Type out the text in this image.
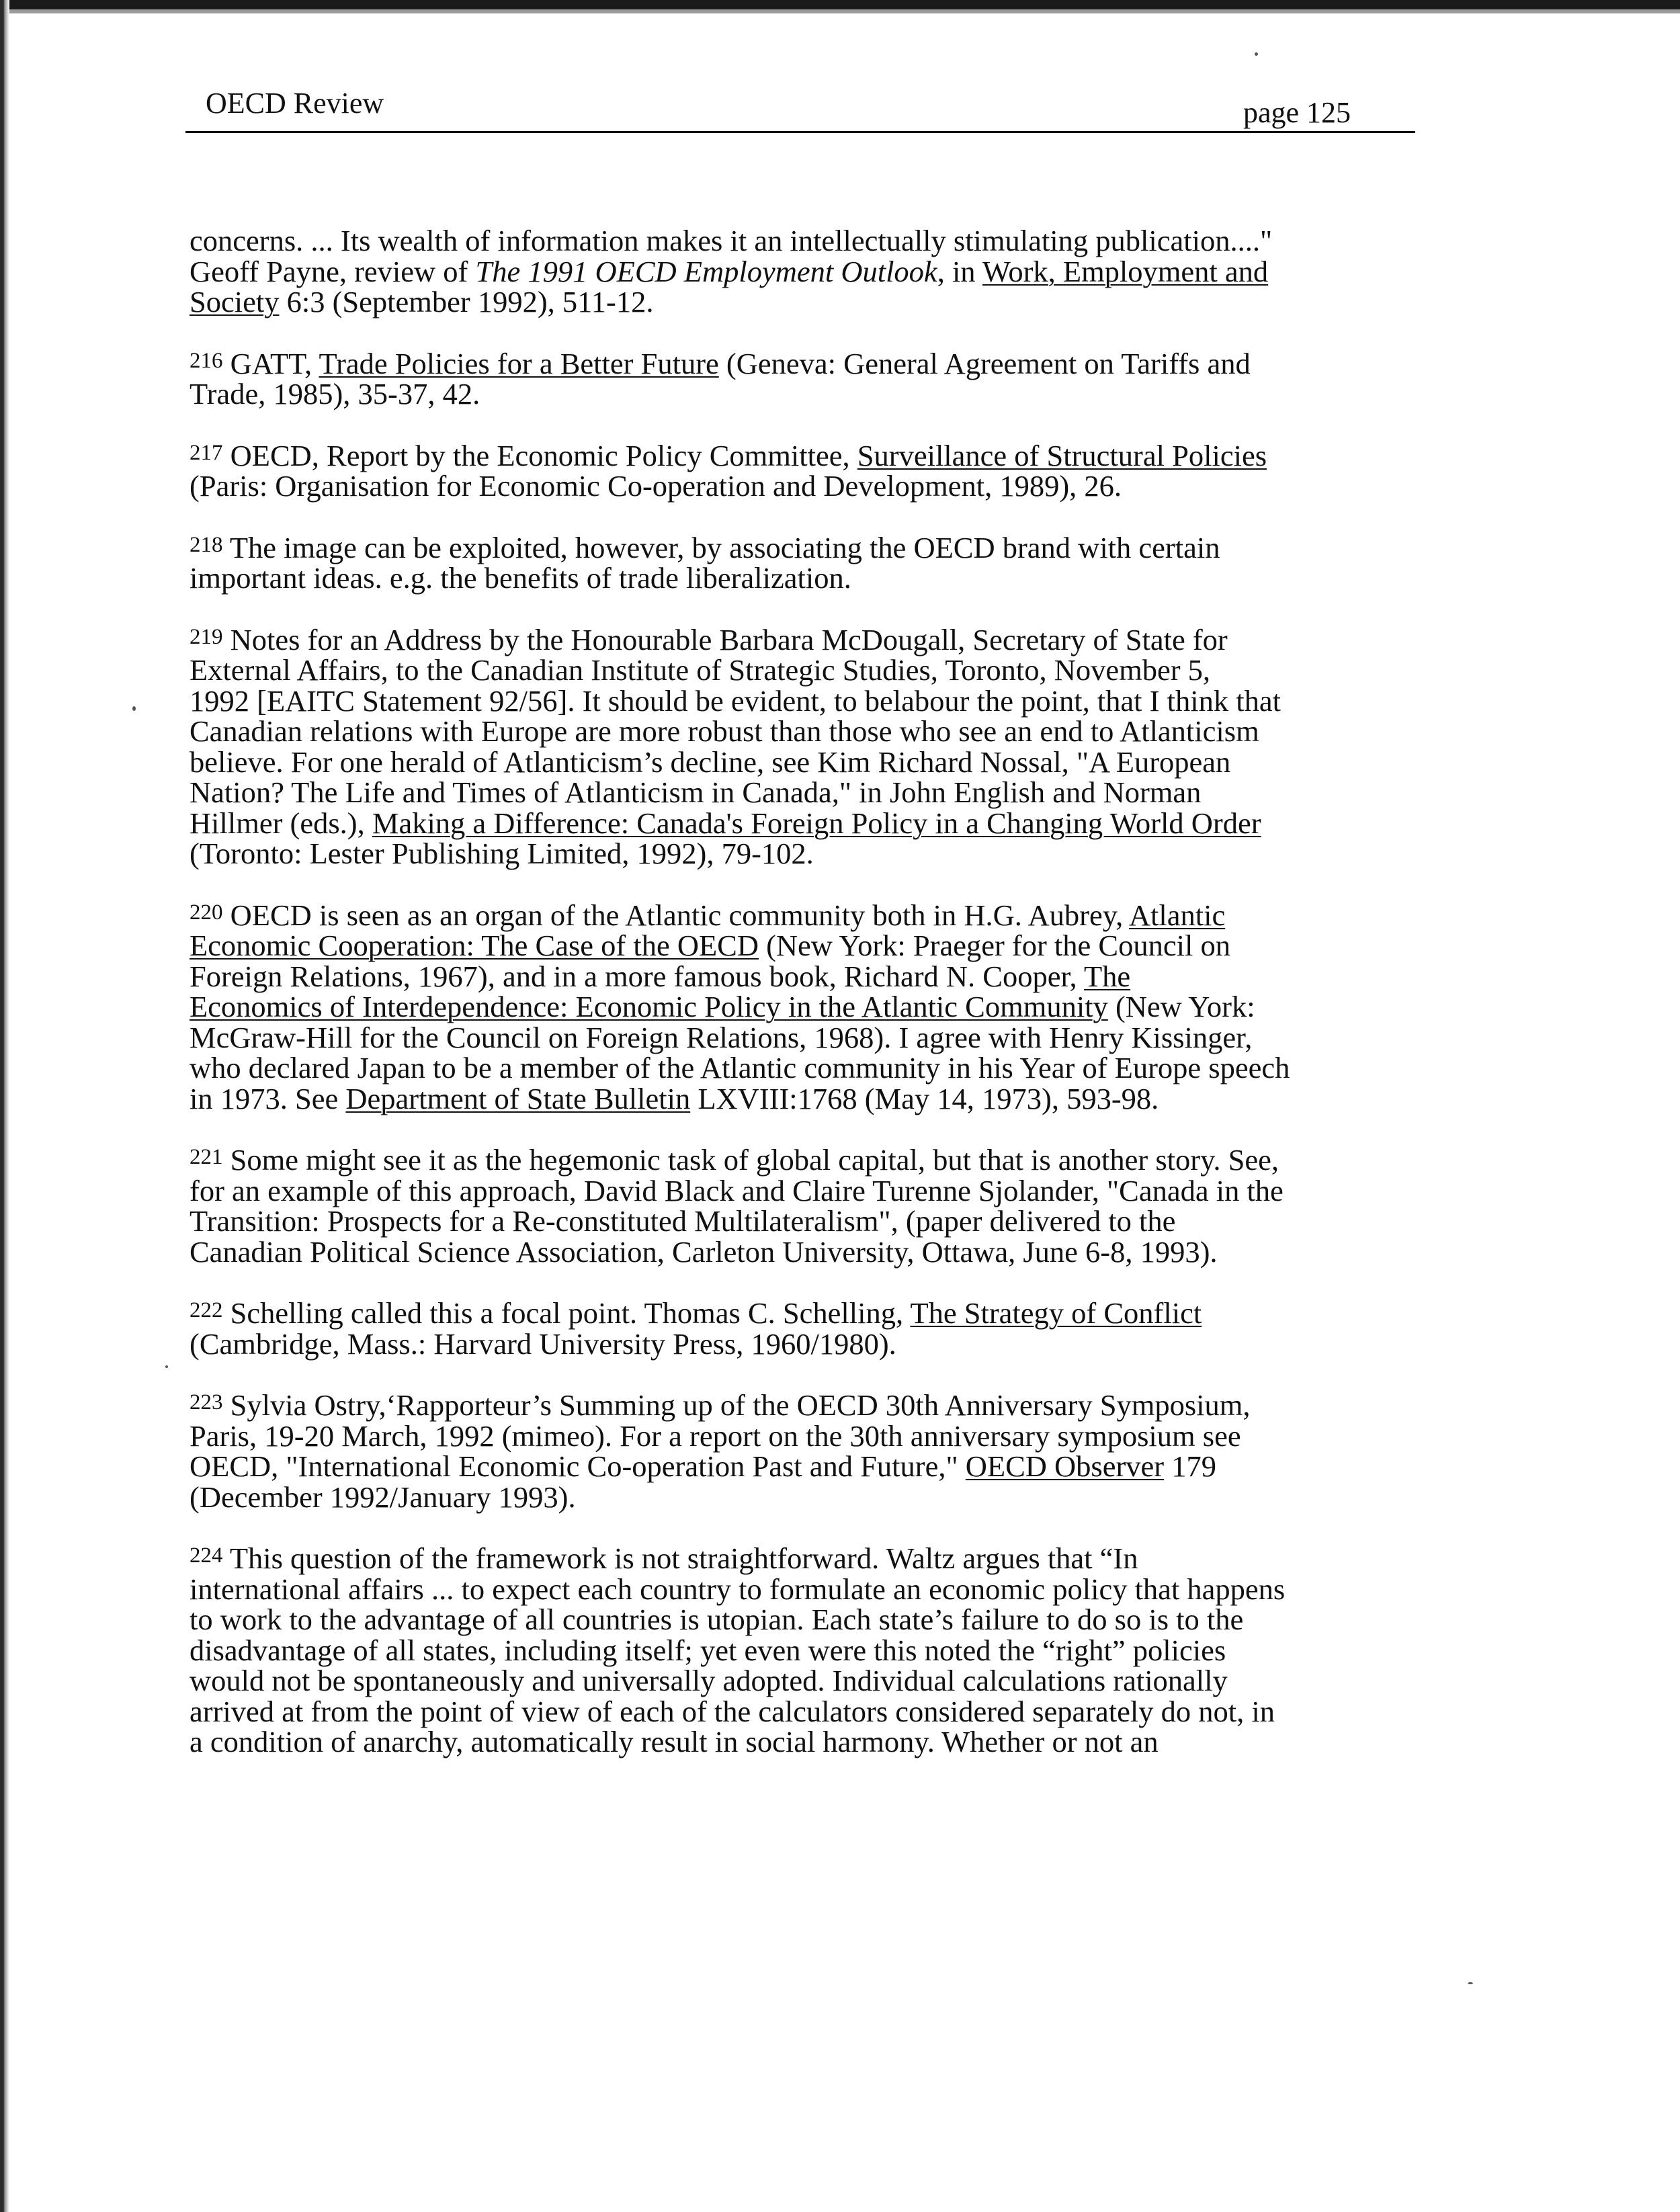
OECD Review	page 125

concerns. ... Its wealth of information makes it an intellectually stimulating publication...."
Geoff Payne, review of The 1991 OECD Employment Outlook, in Work, Employment and
Society 6:3 (September 1992), 511-12.

$^{216}$ GATT, Trade Policies for a Better Future (Geneva: General Agreement on Tariffs and
Trade, 1985), 35-37, 42.

$^{217}$ OECD, Report by the Economic Policy Committee, Surveillance of Structural Policies
(Paris: Organisation for Economic Co-operation and Development, 1989), 26.

$^{218}$ The image can be exploited, however, by associating the OECD brand with certain
important ideas. e.g. the benefits of trade liberalization.

$^{219}$ Notes for an Address by the Honourable Barbara McDougall, Secretary of State for
External Affairs, to the Canadian Institute of Strategic Studies, Toronto, November 5,
1992 [EAITC Statement 92/56]. It should be evident, to belabour the point, that I think that
Canadian relations with Europe are more robust than those who see an end to Atlanticism
believe. For one herald of Atlanticism’s decline, see Kim Richard Nossal, "A European
Nation? The Life and Times of Atlanticism in Canada," in John English and Norman
Hillmer (eds.), Making a Difference: Canada's Foreign Policy in a Changing World Order
(Toronto: Lester Publishing Limited, 1992), 79-102.

$^{220}$ OECD is seen as an organ of the Atlantic community both in H.G. Aubrey, Atlantic
Economic Cooperation: The Case of the OECD (New York: Praeger for the Council on
Foreign Relations, 1967), and in a more famous book, Richard N. Cooper, The
Economics of Interdependence: Economic Policy in the Atlantic Community (New York:
McGraw-Hill for the Council on Foreign Relations, 1968). I agree with Henry Kissinger,
who declared Japan to be a member of the Atlantic community in his Year of Europe speech
in 1973. See Department of State Bulletin LXVIII:1768 (May 14, 1973), 593-98.

$^{221}$ Some might see it as the hegemonic task of global capital, but that is another story. See,
for an example of this approach, David Black and Claire Turenne Sjolander, "Canada in the
Transition: Prospects for a Re-constituted Multilateralism", (paper delivered to the
Canadian Political Science Association, Carleton University, Ottawa, June 6-8, 1993).

$^{222}$ Schelling called this a focal point. Thomas C. Schelling, The Strategy of Conflict
(Cambridge, Mass.: Harvard University Press, 1960/1980).

$^{223}$ Sylvia Ostry,‘Rapporteur’s Summing up of the OECD 30th Anniversary Symposium,
Paris, 19-20 March, 1992 (mimeo). For a report on the 30th anniversary symposium see
OECD, "International Economic Co-operation Past and Future," OECD Observer 179
(December 1992/January 1993).

$^{224}$ This question of the framework is not straightforward. Waltz argues that “In
international affairs ... to expect each country to formulate an economic policy that happens
to work to the advantage of all countries is utopian. Each state’s failure to do so is to the
disadvantage of all states, including itself; yet even were this noted the “right” policies
would not be spontaneously and universally adopted. Individual calculations rationally
arrived at from the point of view of each of the calculators considered separately do not, in
a condition of anarchy, automatically result in social harmony. Whether or not an
